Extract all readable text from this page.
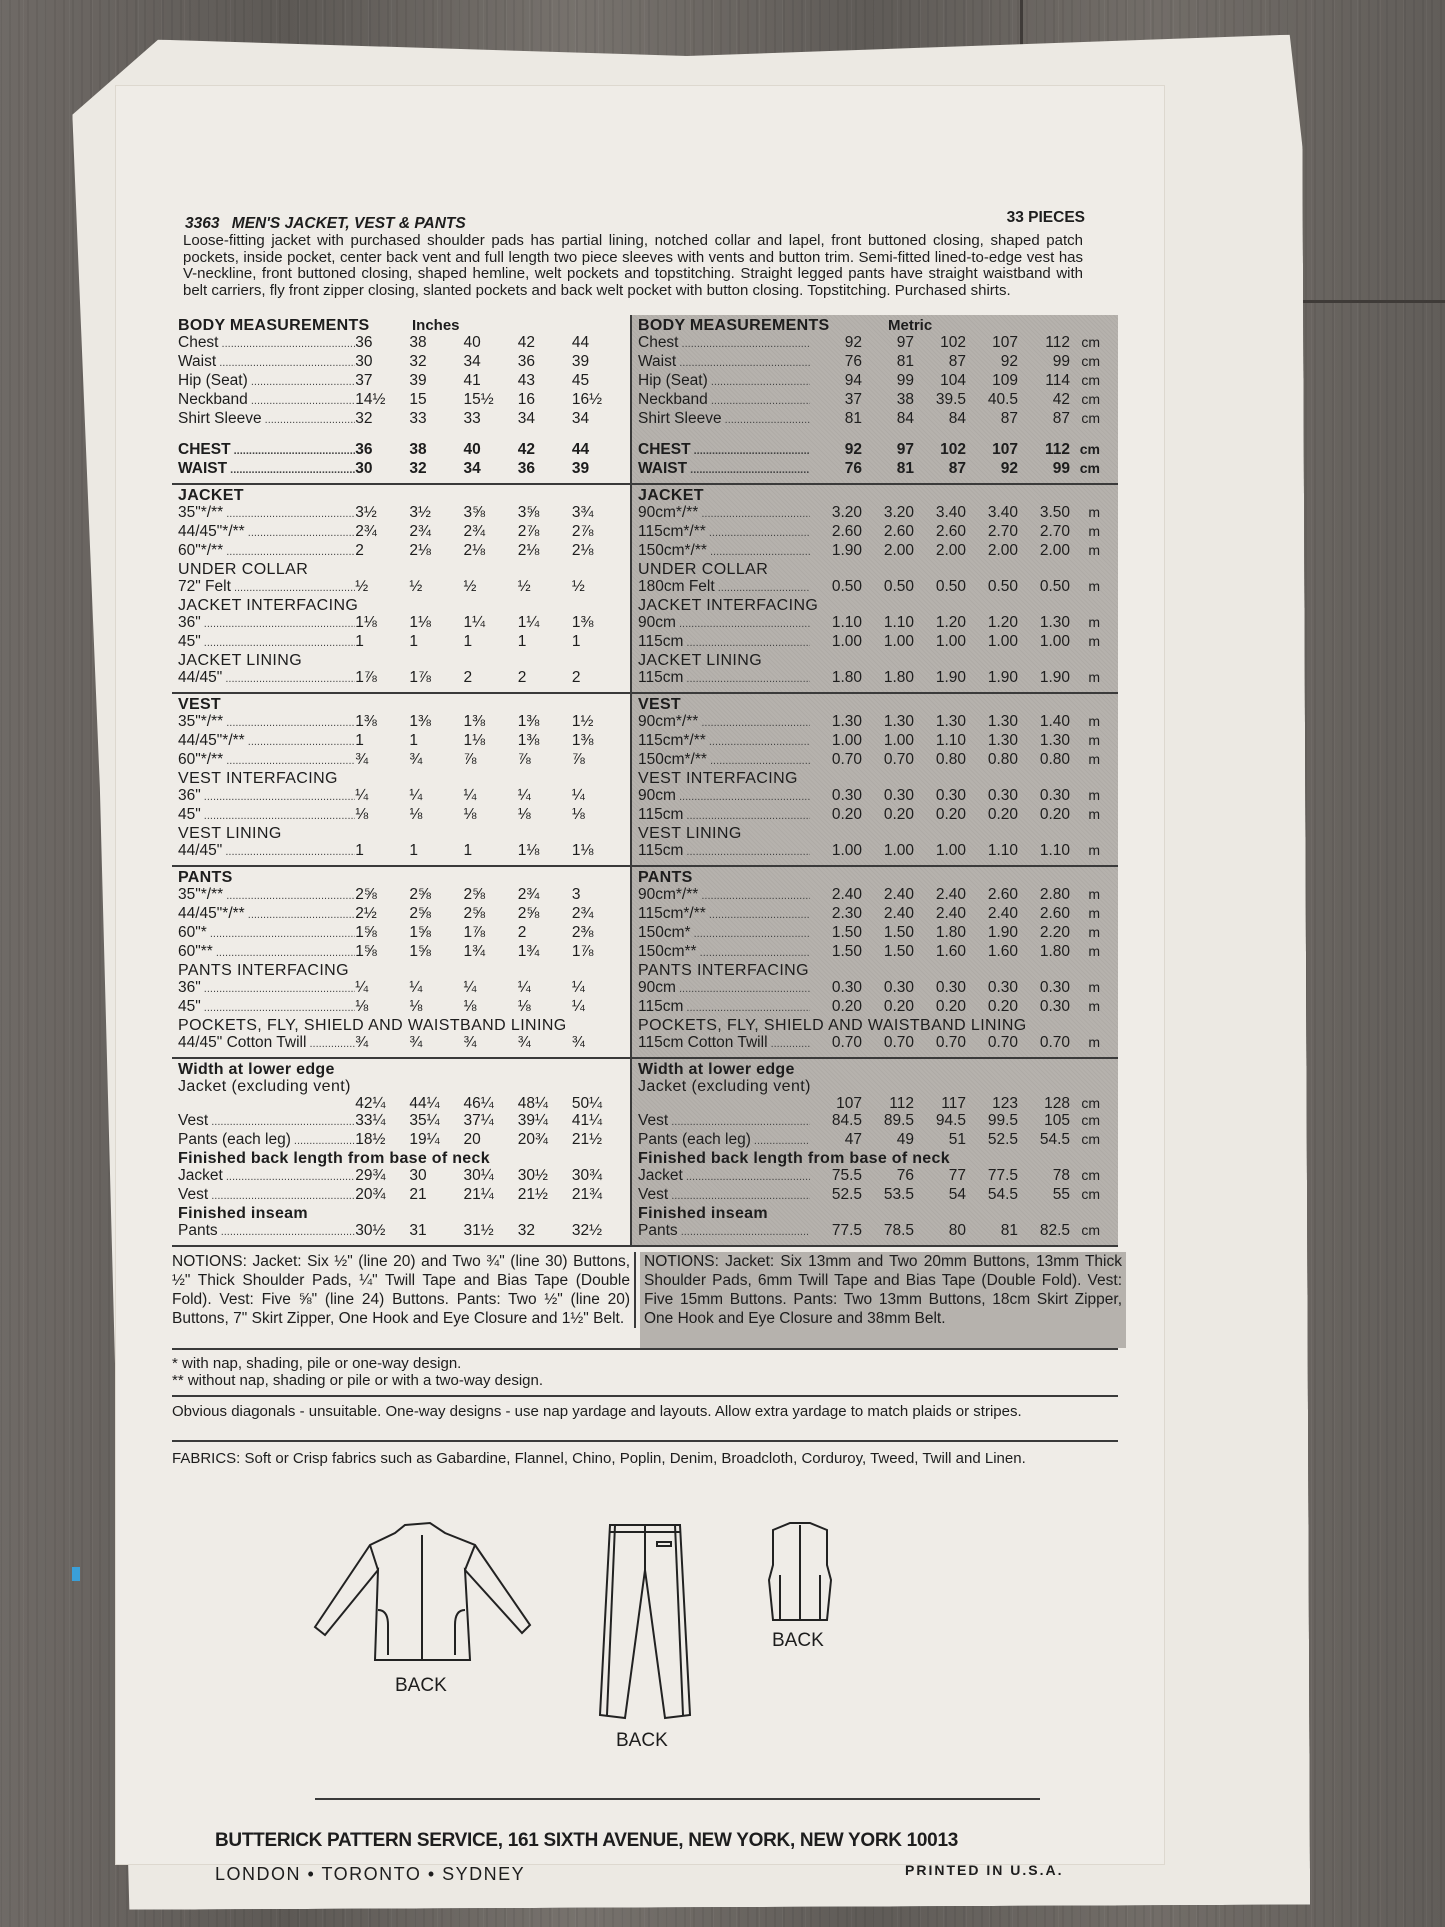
3363 MEN'S JACKET, VEST & PANTS	33 PIECES
Loose-fitting jacket with purchased shoulder pads has partial lining, notched collar and lapel, front buttoned closing, shaped patch pockets, inside pocket, center back vent and full length two piece sleeves with vents and button trim. Semi-fitted lined-to-edge vest has V-neckline, front buttoned closing, shaped hemline, welt pockets and topstitching. Straight legged pants have straight waistband with belt carriers, fly front zipper closing, slanted pockets and back welt pocket with button closing. Topstitching. Purchased shirts.
BODY MEASUREMENTS	Inches
Chest .....	36	38	40	42	44
Waist .....	30	32	34	36	39
Hip (Seat) .....	37	39	41	43	45
Neckband .....	14½	15	15½	16	16½
Shirt Sleeve .....	32	33	33	34	34
CHEST .....	36	38	40	42	44
WAIST .....	30	32	34	36	39
JACKET
35"*/** .....	3½	3½	3⅝	3⅝	3¾
44/45"*/** .....	2¾	2¾	2¾	2⅞	2⅞
60"*/** .....	2	2⅛	2⅛	2⅛	2⅛
UNDER COLLAR
72" Felt .....	½	½	½	½	½
JACKET INTERFACING
36" .....	1⅛	1⅛	1¼	1¼	1⅜
45" .....	1	1	1	1	1
JACKET LINING
44/45" .....	1⅞	1⅞	2	2	2
VEST
35"*/** .....	1⅜	1⅜	1⅜	1⅜	1½
44/45"*/** .....	1	1	1⅛	1⅜	1⅜
60"*/** .....	¾	¾	⅞	⅞	⅞
VEST INTERFACING
36" .....	¼	¼	¼	¼	¼
45" .....	⅛	⅛	⅛	⅛	⅛
VEST LINING
44/45" .....	1	1	1	1⅛	1⅛
PANTS
35"*/** .....	2⅝	2⅝	2⅝	2¾	3
44/45"*/** .....	2½	2⅝	2⅝	2⅝	2¾
60"* .....	1⅝	1⅝	1⅞	2	2⅜
60"** .....	1⅝	1⅝	1¾	1¾	1⅞
PANTS INTERFACING
36" .....	¼	¼	¼	¼	¼
45" .....	⅛	⅛	⅛	⅛	¼
POCKETS, FLY, SHIELD AND WAISTBAND LINING
44/45" Cotton Twill .....	¾	¾	¾	¾	¾
Width at lower edge
Jacket (excluding vent)
42¼	44¼	46¼	48¼	50¼
Vest .....	33¼	35¼	37¼	39¼	41¼
Pants (each leg) .....	18½	19¼	20	20¾	21½
Finished back length from base of neck
Jacket .....	29¾	30	30¼	30½	30¾
Vest .....	20¾	21	21¼	21½	21¾
Finished inseam
Pants .....	30½	31	31½	32	32½
BODY MEASUREMENTS	Metric
Chest .....	92	97	102	107	112 cm
Waist .....	76	81	87	92	99 cm
Hip (Seat) .....	94	99	104	109	114 cm
Neckband .....	37	38	39.5	40.5	42 cm
Shirt Sleeve .....	81	84	84	87	87 cm
CHEST .....	92	97	102	107	112 cm
WAIST .....	76	81	87	92	99 cm
JACKET
90cm*/** .....	3.20	3.20	3.40	3.40	3.50	m
115cm*/** .....	2.60	2.60	2.60	2.70	2.70	m
150cm*/** .....	1.90	2.00	2.00	2.00	2.00	m
UNDER COLLAR
180cm Felt .....	0.50	0.50	0.50	0.50	0.50	m
JACKET INTERFACING
90cm .....	1.10	1.10	1.20	1.20	1.30	m
115cm .....	1.00	1.00	1.00	1.00	1.00	m
JACKET LINING
115cm .....	1.80	1.80	1.90	1.90	1.90	m
VEST
90cm*/** .....	1.30	1.30	1.30	1.30	1.40	m
115cm*/** .....	1.00	1.00	1.10	1.30	1.30	m
150cm*/** .....	0.70	0.70	0.80	0.80	0.80	m
VEST INTERFACING
90cm .....	0.30	0.30	0.30	0.30	0.30	m
115cm .....	0.20	0.20	0.20	0.20	0.20	m
VEST LINING
115cm .....	1.00	1.00	1.00	1.10	1.10	m
PANTS
90cm*/** .....	2.40	2.40	2.40	2.60	2.80	m
115cm*/** .....	2.30	2.40	2.40	2.40	2.60	m
150cm* .....	1.50	1.50	1.80	1.90	2.20	m
150cm** .....	1.50	1.50	1.60	1.60	1.80	m
PANTS INTERFACING
90cm .....	0.30	0.30	0.30	0.30	0.30	m
115cm .....	0.20	0.20	0.20	0.20	0.30	m
POCKETS, FLY, SHIELD AND WAISTBAND LINING
115cm Cotton Twill .....	0.70	0.70	0.70	0.70	0.70	m
Width at lower edge
Jacket (excluding vent)
107	112	117	123	128 cm
Vest .....	84.5	89.5	94.5	99.5	105 cm
Pants (each leg) .....	47	49	51	52.5	54.5 cm
Finished back length from base of neck
Jacket .....	75.5	76	77	77.5	78 cm
Vest .....	52.5	53.5	54	54.5	55 cm
Finished inseam
Pants .....	77.5	78.5	80	81	82.5 cm
NOTIONS: Jacket: Six ½" (line 20) and Two ¾" (line 30) Buttons, ½" Thick Shoulder Pads, ¼" Twill Tape and Bias Tape (Double Fold). Vest: Five ⅝" (line 24) Buttons. Pants: Two ½" (line 20) Buttons, 7" Skirt Zipper, One Hook and Eye Closure and 1½" Belt.
NOTIONS: Jacket: Six 13mm and Two 20mm Buttons, 13mm Thick Shoulder Pads, 6mm Twill Tape and Bias Tape (Double Fold). Vest: Five 15mm Buttons. Pants: Two 13mm Buttons, 18cm Skirt Zipper, One Hook and Eye Closure and 38mm Belt.
* with nap, shading, pile or one-way design.
** without nap, shading or pile or with a two-way design.
Obvious diagonals - unsuitable. One-way designs - use nap yardage and layouts. Allow extra yardage to match plaids or stripes.
FABRICS: Soft or Crisp fabrics such as Gabardine, Flannel, Chino, Poplin, Denim, Broadcloth, Corduroy, Tweed, Twill and Linen.
BACK
BACK
BACK
BUTTERICK PATTERN SERVICE, 161 SIXTH AVENUE, NEW YORK, NEW YORK 10013
LONDON • TORONTO • SYDNEY	PRINTED IN U.S.A.
